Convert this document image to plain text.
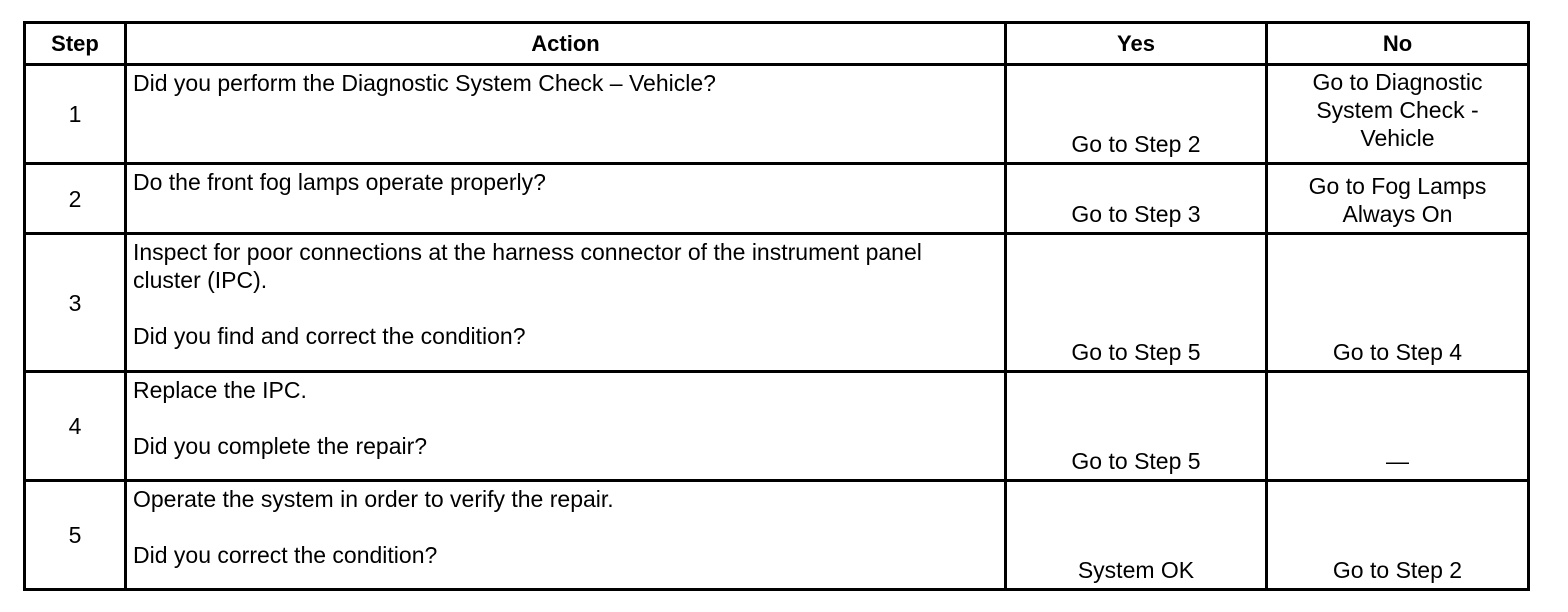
Step	Action	Yes	No
1	Did you perform the Diagnostic System Check – Vehicle?	Go to Step 2	Go to Diagnostic
System Check -
Vehicle

2	Do the front fog lamps operate properly?	Go to Step 3	Go to Fog Lamps
Always On

3	Inspect for poor connections at the harness connector of the instrument panel
cluster (IPC).
Did you find and correct the condition?	Go to Step 5	Go to Step 4
4	Replace the IPC.
Did you complete the repair?	Go to Step 5	—
5	Operate the system in order to verify the repair.
Did you correct the condition?	System OK	Go to Step 2
